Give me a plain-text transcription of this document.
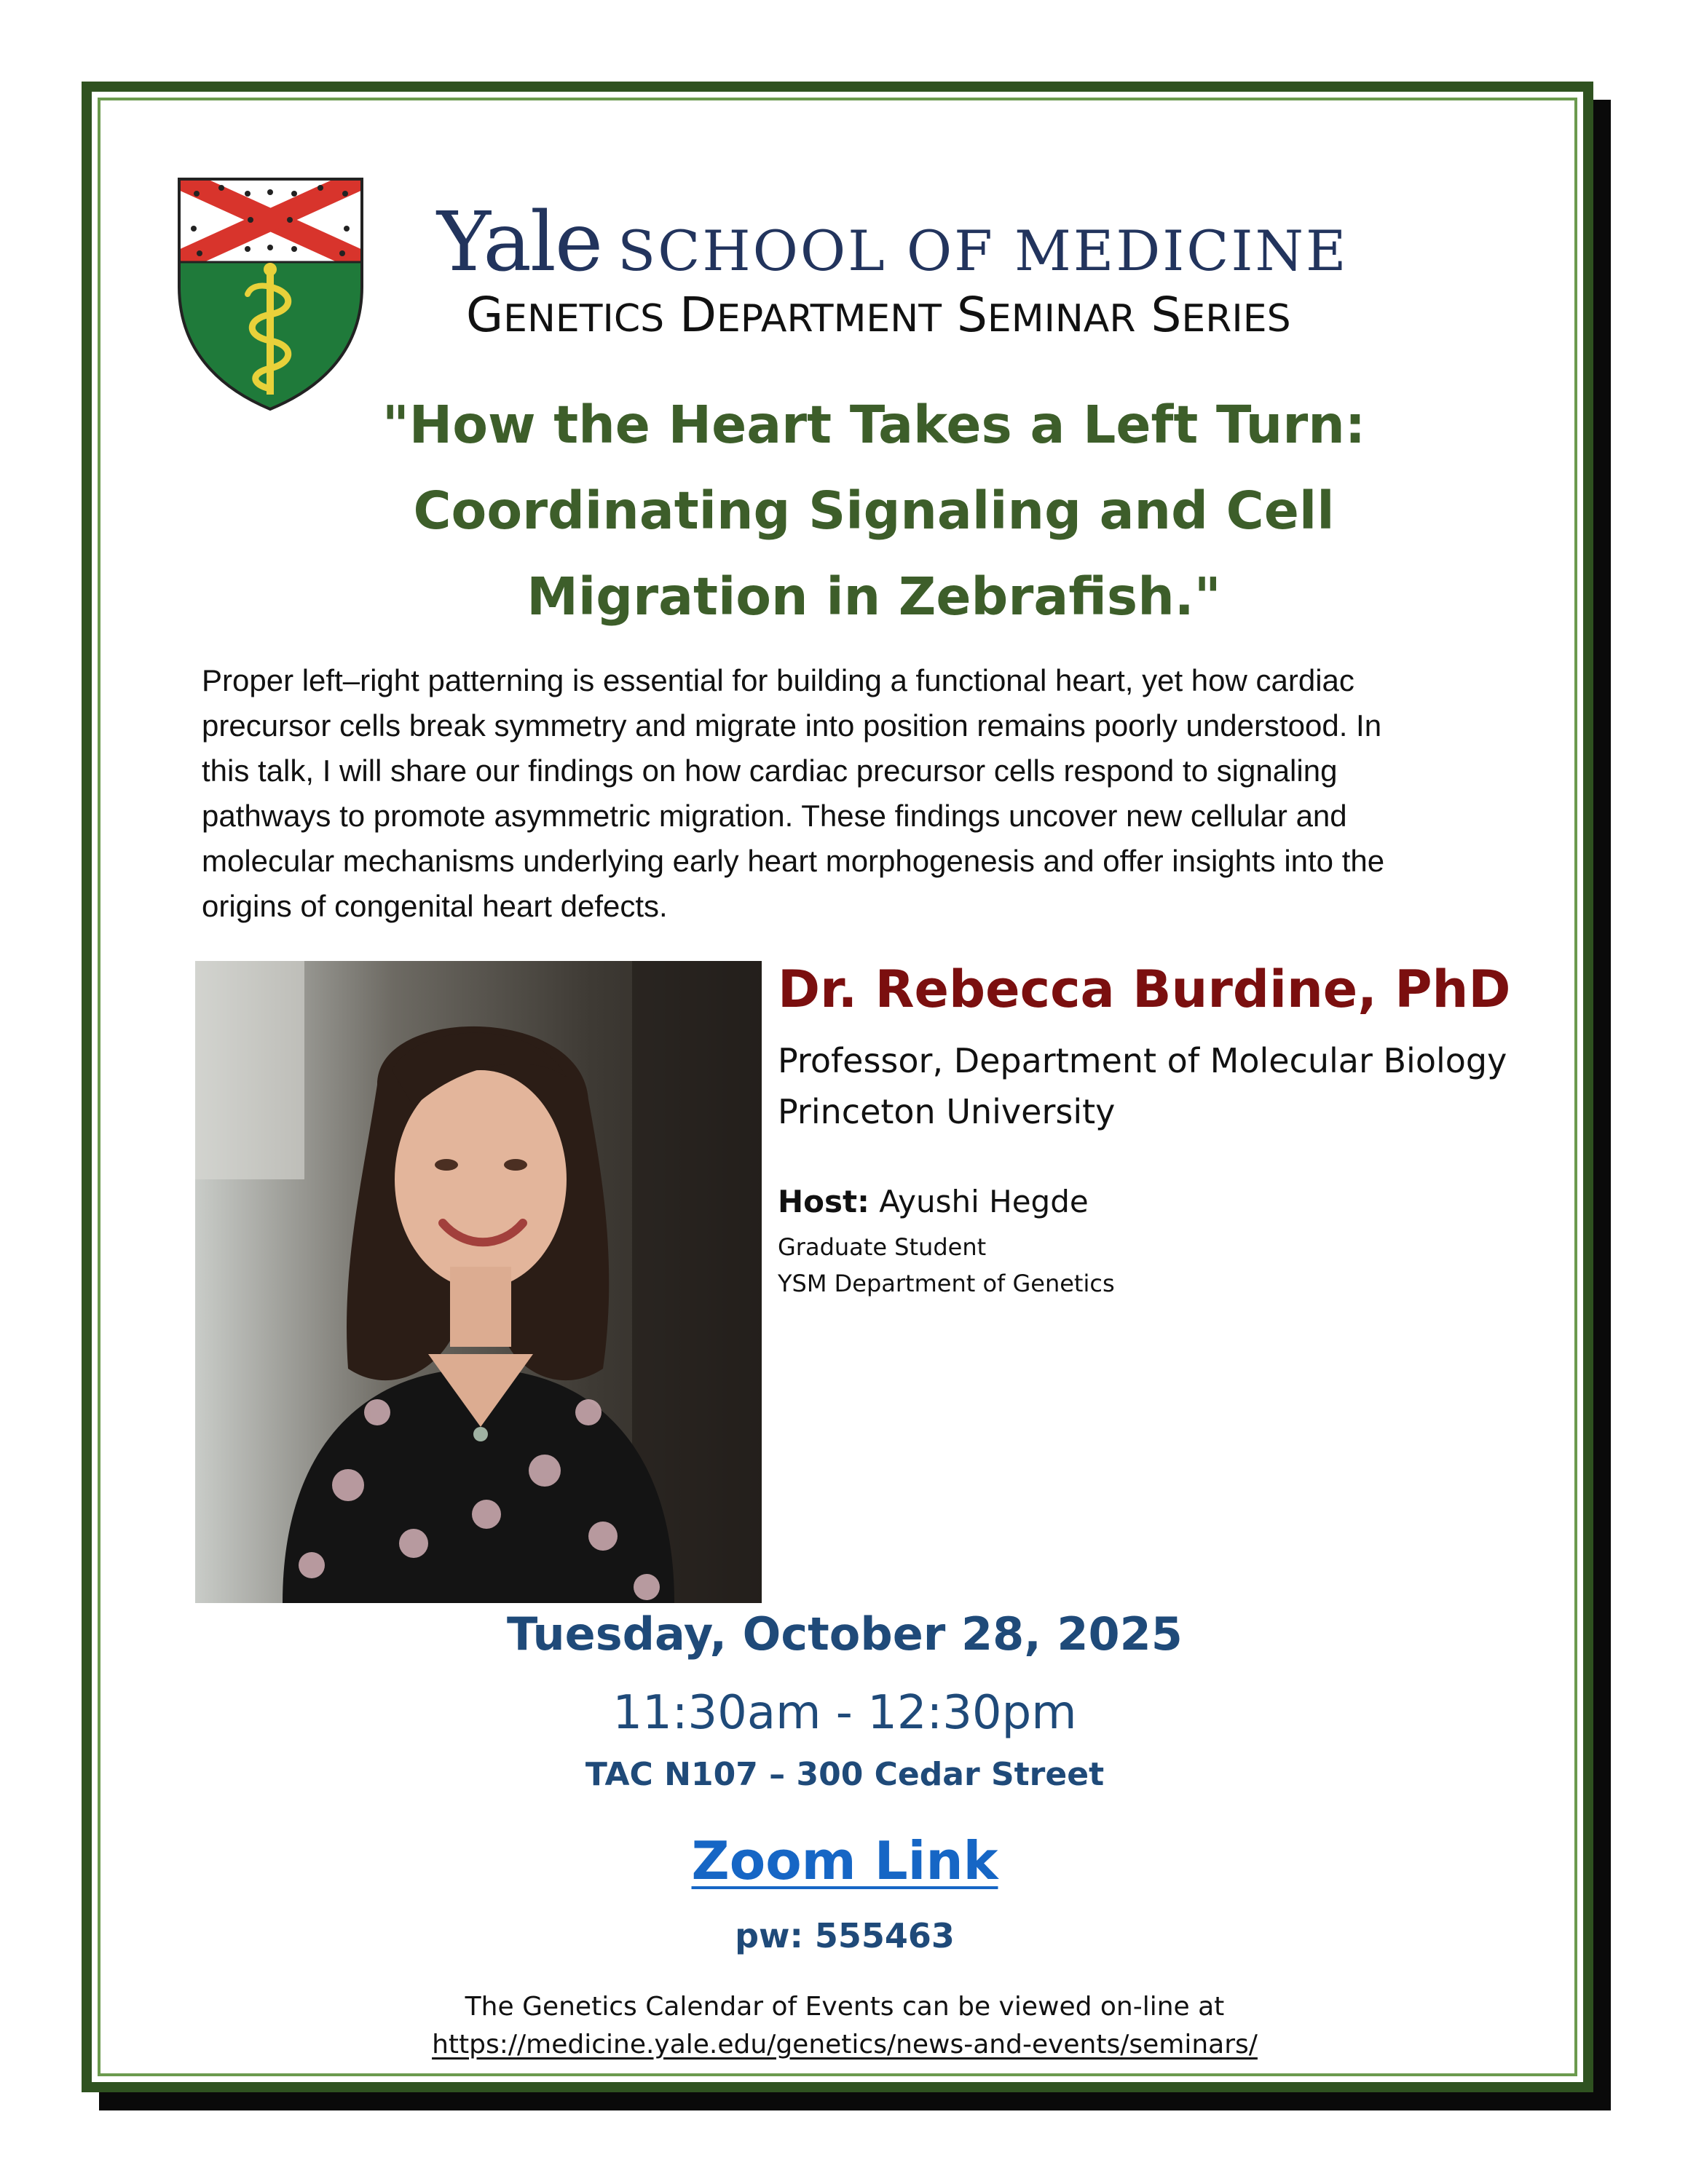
Yale SCHOOL OF MEDICINE
GENETICS DEPARTMENT SEMINAR SERIES
"How the Heart Takes a Left Turn:
Coordinating Signaling and Cell
Migration in Zebrafish."

Proper left–right patterning is essential for building a functional heart, yet how cardiac
precursor cells break symmetry and migrate into position remains poorly understood. In
this talk, I will share our findings on how cardiac precursor cells respond to signaling
pathways to promote asymmetric migration. These findings uncover new cellular and
molecular mechanisms underlying early heart morphogenesis and offer insights into the
origins of congenital heart defects.

Dr. Rebecca Burdine, PhD

Professor, Department of Molecular Biology

Princeton University

Host: Ayushi Hegde

Graduate Student

YSM Department of Genetics

Tuesday, October 28, 2025

11:30am - 12:30pm

TAC N107 – 300 Cedar Street

Zoom Link

pw: 555463

The Genetics Calendar of Events can be viewed on-line at

https://medicine.yale.edu/genetics/news-and-events/seminars/
